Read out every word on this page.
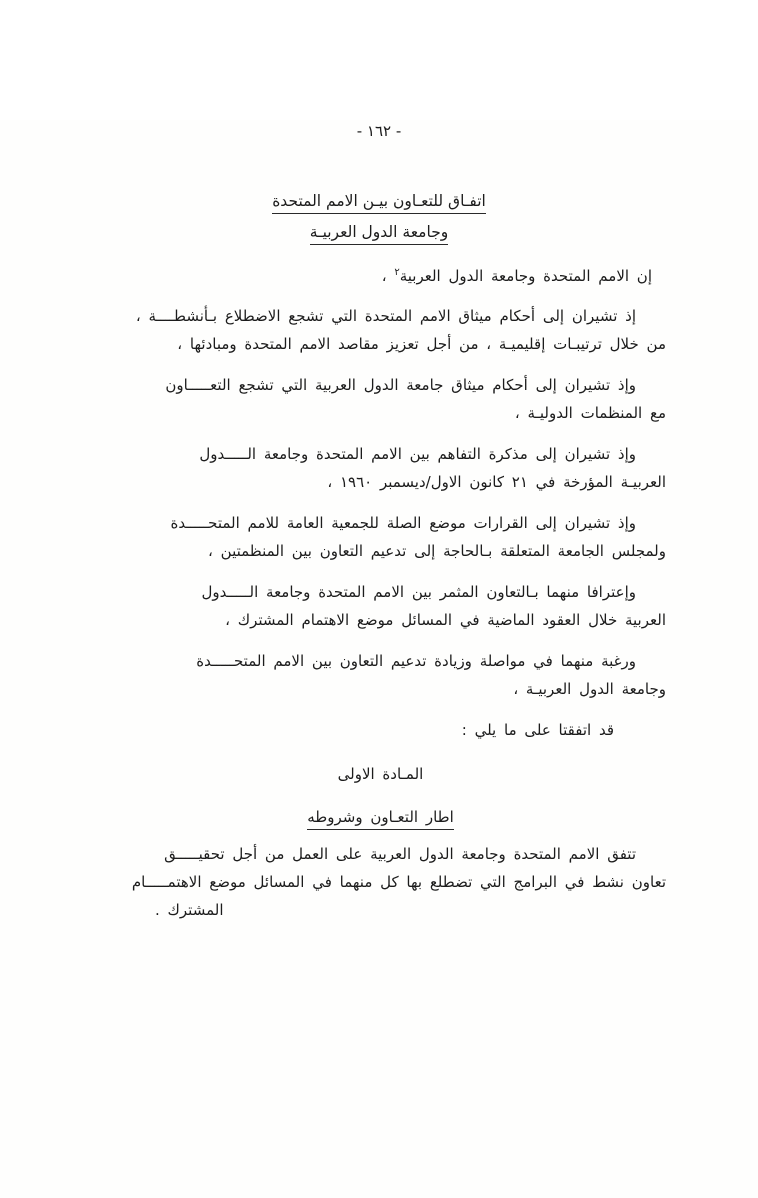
- ١٦٢ -
اتفـاق للتعـاون بيـن الامم المتحدة
وجامعة الدول العربيـة

إن الامم المتحدة وجامعة الدول العربية$^٢$ ،

إذ تشيران إلى أحكام ميثاق الامم المتحدة التي تشجع الاضطلاع بـأنشطــــة ،
من خلال ترتيبـات إقليميـة ، من أجل تعزيز مقاصد الامم المتحدة ومبادئها ،

وإذ تشيران إلى أحكام ميثاق جامعة الدول العربية التي تشجع التعـــــاون
مع المنظمات الدوليـة ،

وإذ تشيران إلى مذكرة التفاهم بين الامم المتحدة وجامعة الـــــدول
العربيـة المؤرخة في ٢١ كانون الاول/ديسمبر ١٩٦٠ ،

وإذ تشيران إلى القرارات موضع الصلة للجمعية العامة للامم المتحـــــدة
ولمجلس الجامعة المتعلقة بـالحاجة إلى تدعيم التعاون بين المنظمتين ،

وإعترافا منهما بـالتعاون المثمر بين الامم المتحدة وجامعة الـــــدول
العربية خلال العقود الماضية في المسائل موضع الاهتمام المشترك ،

ورغبة منهما في مواصلة وزيادة تدعيم التعاون بين الامم المتحـــــدة
وجامعة الدول العربيـة ،

قد اتفقتا على ما يلي :

المـادة الاولى
اطار التعـاون وشروطه

تتفق الامم المتحدة وجامعة الدول العربية على العمل من أجل تحقيـــــق
تعاون نشط في البرامج التي تضطلع بها كل منهما في المسائل موضع الاهتمـــــام
المشترك .
